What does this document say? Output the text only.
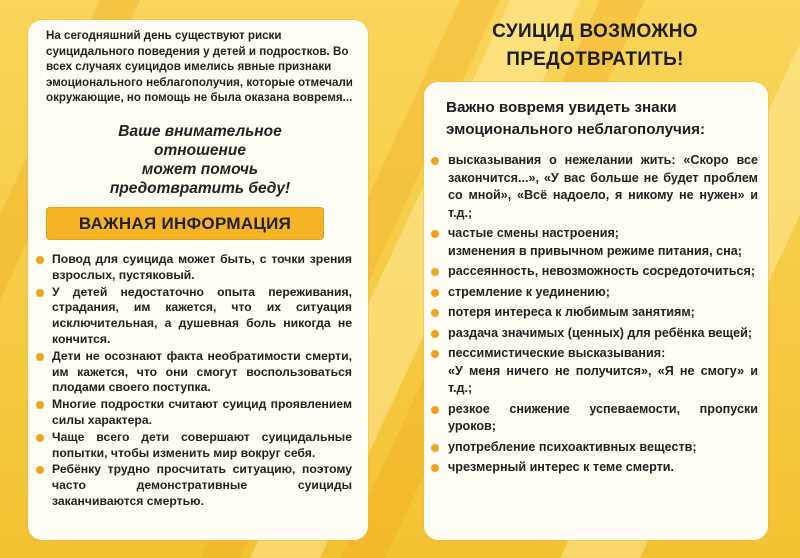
На сегодняшний день существуют риски суицидального поведения у детей и подростков. Во всех случаях суицидов имелись явные признаки эмоционального неблагополучия, которые отмечали окружающие, но помощь не была оказана вовремя...
Ваше внимательное
отношение
может помочь
предотвратить беду!
ВАЖНАЯ ИНФОРМАЦИЯ
Повод для суицида может быть, с точки зрения взрослых, пустяковый.
У детей недостаточно опыта переживания, страдания, им кажется, что их ситуация исключительная, а душевная боль никогда не кончится.
Дети не осознают факта необратимости смерти, им кажется, что они смогут воспользоваться плодами своего поступка.
Многие подростки считают суицид проявлением силы характера.
Чаще всего дети совершают суицидальные попытки, чтобы изменить мир вокруг себя.
Ребёнку трудно просчитать ситуацию, поэтому часто демонстративные суициды заканчиваются смертью.
СУИЦИД ВОЗМОЖНО
ПРЕДОТВРАТИТЬ!
Важно вовремя увидеть знаки
эмоционального неблагополучия:
высказывания о нежелании жить: «Скоро все закончится...», «У вас больше не будет проблем со мной», «Всё надоело, я никому не нужен» и т.д.;
частые смены настроения;
изменения в привычном режиме питания, сна;
рассеянность, невозможность сосредоточиться;
стремление к уединению;
потеря интереса к любимым занятиям;
раздача значимых (ценных) для ребёнка вещей;
пессимистические высказывания:
«У меня ничего не получится», «Я не смогу» и т.д.;
резкое снижение успеваемости, пропуски уроков;
употребление психоактивных веществ;
чрезмерный интерес к теме смерти.
